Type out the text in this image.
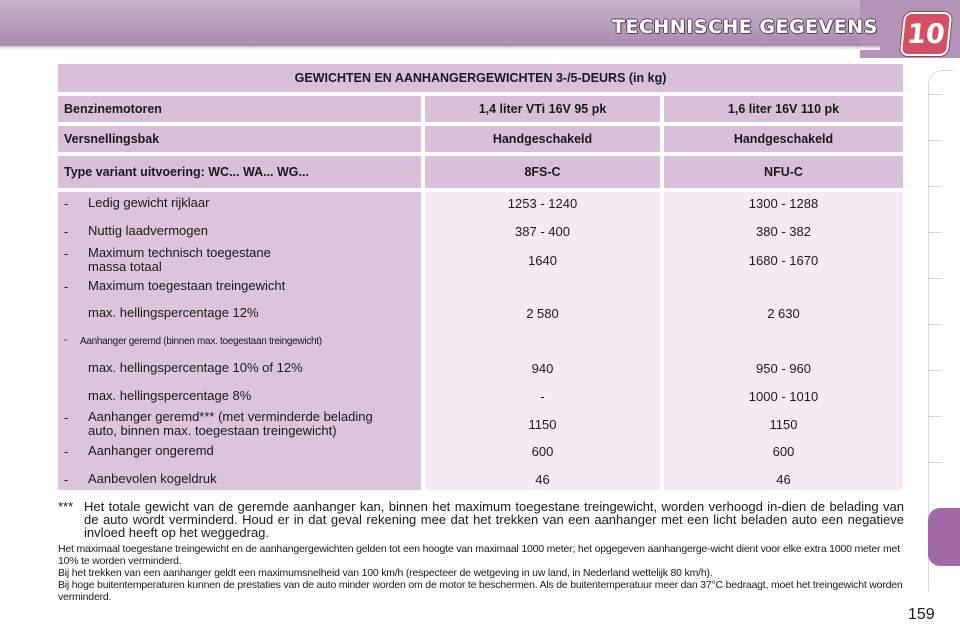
TECHNISCHE GEGEVENS 10
GEWICHTEN EN AANHANGERGEWICHTEN 3-/5-DEURS (in kg)
Benzinemotoren	1,4 liter VTi 16V 95 pk	1,6 liter 16V 110 pk
Versnellingsbak	Handgeschakeld	Handgeschakeld
Type variant uitvoering: WC... WA... WG...	8FS-C	NFU-C
- Ledig gewicht rijklaar	1253 - 1240	1300 - 1288
- Nuttig laadvermogen	387 - 400	380 - 382
- Maximum technisch toegestane
massa totaal	1640	1680 - 1670
- Maximum toegestaan treingewicht
max. hellingspercentage 12%	2 580	2 630
- Aanhanger geremd (binnen max. toegestaan treingewicht)
max. hellingspercentage 10% of 12%	940	950 - 960
max. hellingspercentage 8%	-	1000 - 1010
- Aanhanger geremd*** (met verminderde belading
auto, binnen max. toegestaan treingewicht)	1150	1150
- Aanhanger ongeremd	600	600
- Aanbevolen kogeldruk	46	46
*** Het totale gewicht van de geremde aanhanger kan, binnen het maximum toegestane treingewicht, worden verhoogd in-dien de belading van de auto wordt verminderd. Houd er in dat geval rekening mee dat het trekken van een aanhanger met een licht beladen auto een negatieve invloed heeft op het weggedrag.
Het maximaal toegestane treingewicht en de aanhangergewichten gelden tot een hoogte van maximaal 1000 meter; het opgegeven aanhangerge-wicht dient voor elke extra 1000 meter met 10% te worden verminderd.
Bij het trekken van een aanhanger geldt een maximumsnelheid van 100 km/h (respecteer de wetgeving in uw land, in Nederland wettelijk 80 km/h).
Bij hoge buitentemperaturen kunnen de prestaties van de auto minder worden om de motor te beschermen. Als de buitentemperatuur meer dan 37°C bedraagt, moet het treingewicht worden verminderd.
159
